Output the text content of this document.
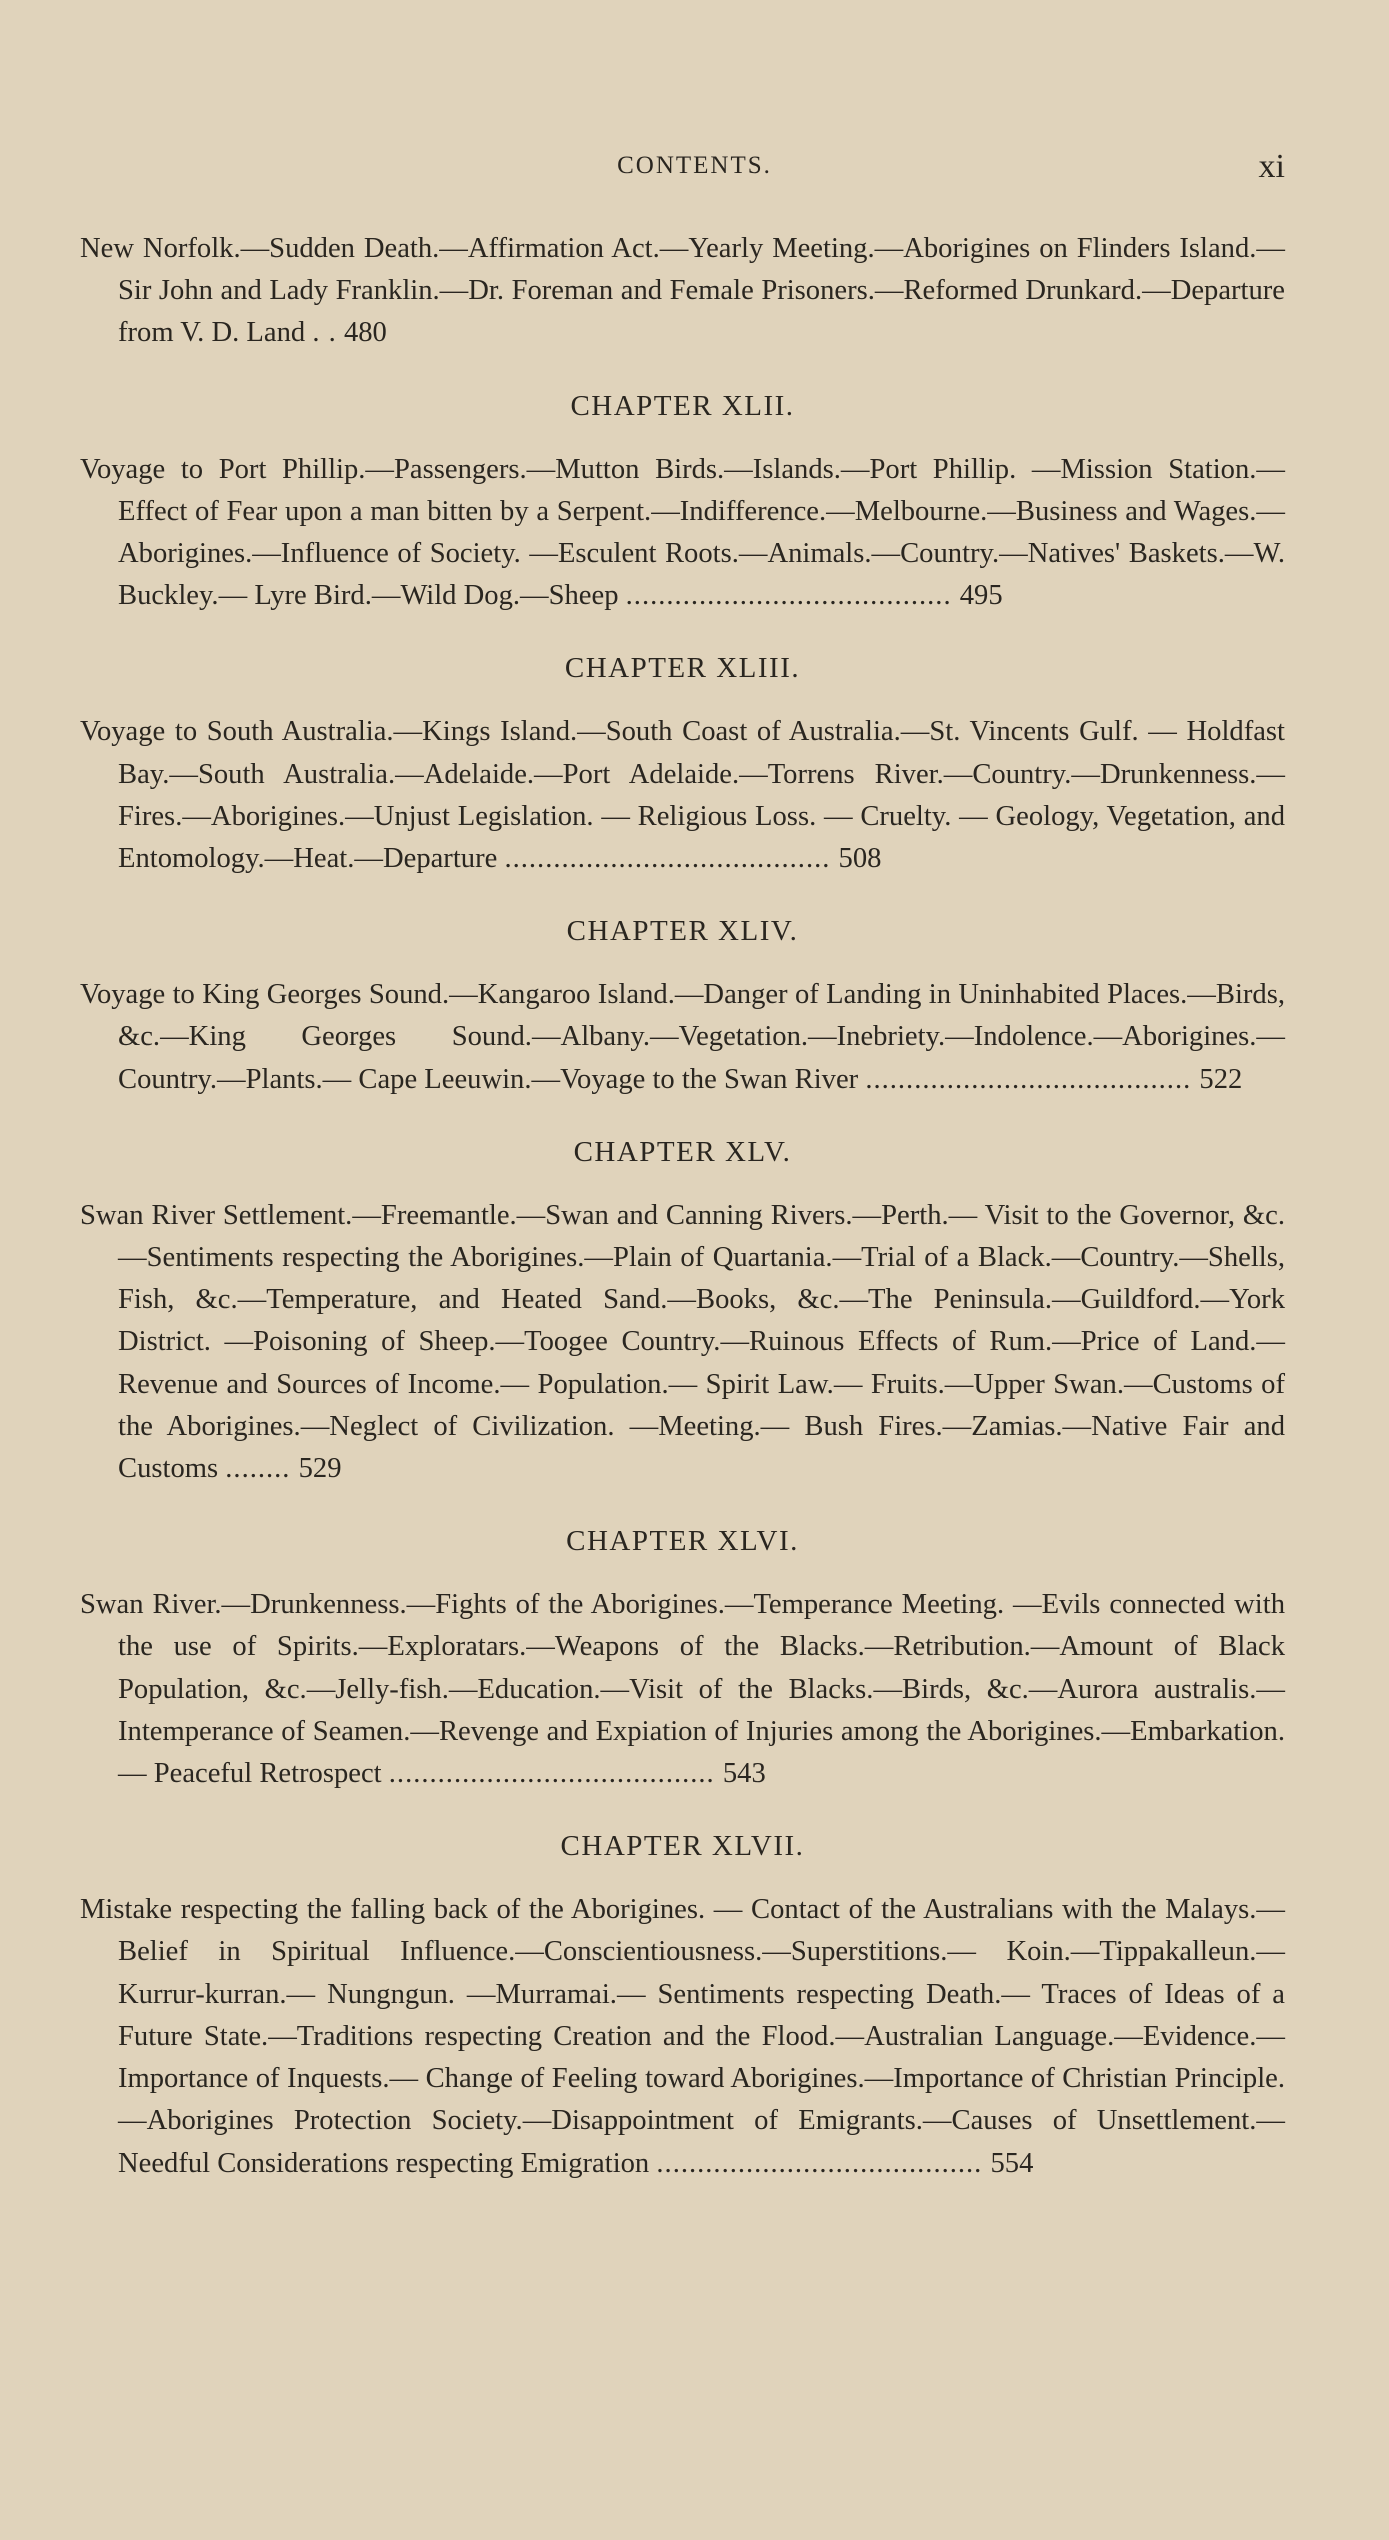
CONTENTS.	xi

New Norfolk.—Sudden Death.—Affirmation Act.—Yearly Meeting.—Aborigines on Flinders Island.—Sir John and Lady Franklin.—Dr. Foreman and Female Prisoners.—Reformed Drunkard.—Departure from V. D. Land . . 480

CHAPTER XLII.

Voyage to Port Phillip.—Passengers.—Mutton Birds.—Islands.—Port Phillip. —Mission Station.—Effect of Fear upon a man bitten by a Serpent.—Indifference.—Melbourne.—Business and Wages.—Aborigines.—Influence of Society. —Esculent Roots.—Animals.—Country.—Natives' Baskets.—W. Buckley.— Lyre Bird.—Wild Dog.—Sheep ........................................ 495

CHAPTER XLIII.

Voyage to South Australia.—Kings Island.—South Coast of Australia.—St. Vincents Gulf. — Holdfast Bay.—South Australia.—Adelaide.—Port Adelaide.—Torrens River.—Country.—Drunkenness.—Fires.—Aborigines.—Unjust Legislation. — Religious Loss. — Cruelty. — Geology, Vegetation, and Entomology.—Heat.—Departure ........................................ 508

CHAPTER XLIV.

Voyage to King Georges Sound.—Kangaroo Island.—Danger of Landing in Uninhabited Places.—Birds, &c.—King Georges Sound.—Albany.—Vegetation.—Inebriety.—Indolence.—Aborigines.—Country.—Plants.— Cape Leeuwin.—Voyage to the Swan River ........................................ 522

CHAPTER XLV.

Swan River Settlement.—Freemantle.—Swan and Canning Rivers.—Perth.— Visit to the Governor, &c.—Sentiments respecting the Aborigines.—Plain of Quartania.—Trial of a Black.—Country.—Shells, Fish, &c.—Temperature, and Heated Sand.—Books, &c.—The Peninsula.—Guildford.—York District. —Poisoning of Sheep.—Toogee Country.—Ruinous Effects of Rum.—Price of Land.— Revenue and Sources of Income.— Population.— Spirit Law.— Fruits.—Upper Swan.—Customs of the Aborigines.—Neglect of Civilization. —Meeting.— Bush Fires.—Zamias.—Native Fair and Customs ........ 529

CHAPTER XLVI.

Swan River.—Drunkenness.—Fights of the Aborigines.—Temperance Meeting. —Evils connected with the use of Spirits.—Exploratars.—Weapons of the Blacks.—Retribution.—Amount of Black Population, &c.—Jelly-fish.—Education.—Visit of the Blacks.—Birds, &c.—Aurora australis.—Intemperance of Seamen.—Revenge and Expiation of Injuries among the Aborigines.—Embarkation.— Peaceful Retrospect ........................................ 543

CHAPTER XLVII.

Mistake respecting the falling back of the Aborigines. — Contact of the Australians with the Malays.—Belief in Spiritual Influence.—Conscientiousness.—Superstitions.— Koin.—Tippakalleun.— Kurrur-kurran.— Nungngun. —Murramai.— Sentiments respecting Death.— Traces of Ideas of a Future State.—Traditions respecting Creation and the Flood.—Australian Language.—Evidence.—Importance of Inquests.— Change of Feeling toward Aborigines.—Importance of Christian Principle.—Aborigines Protection Society.—Disappointment of Emigrants.—Causes of Unsettlement.—Needful Considerations respecting Emigration ........................................ 554
